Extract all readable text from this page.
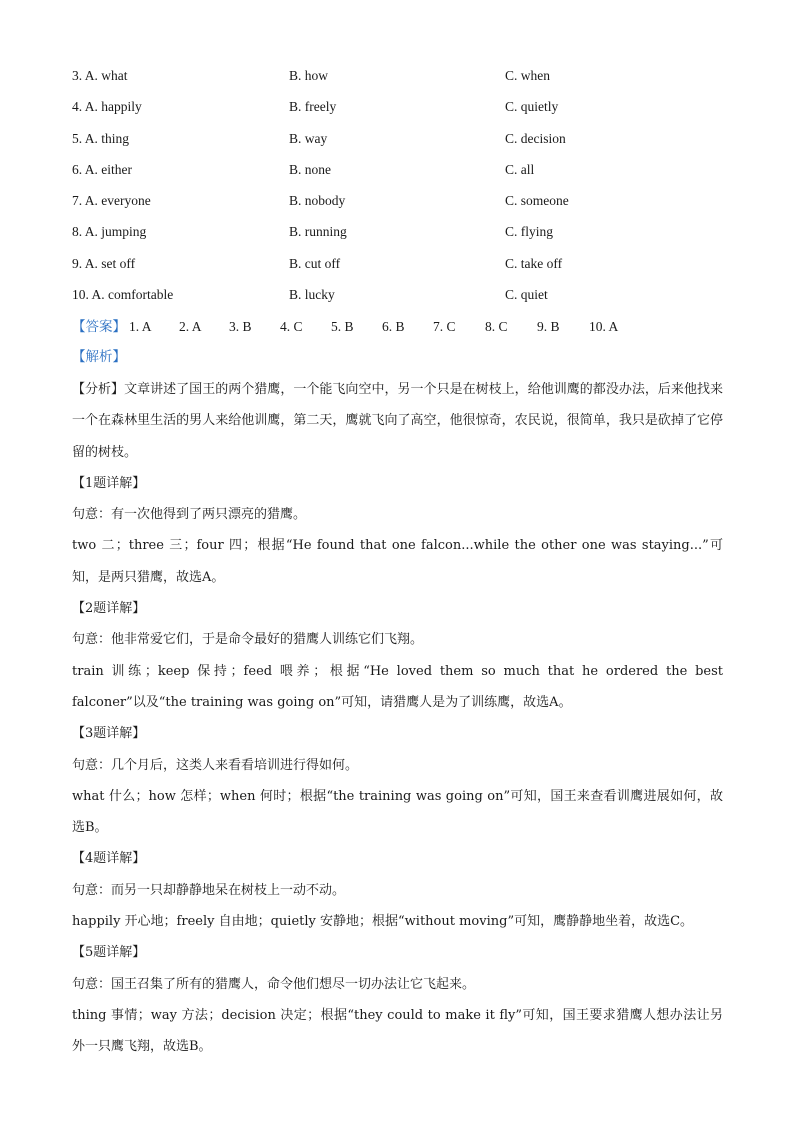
3. A. what	B. how	C. when
4. A. happily	B. freely	C. quietly
5. A. thing	B. way	C. decision
6. A. either	B. none	C. all
7. A. everyone	B. nobody	C. someone
8. A. jumping	B. running	C. flying
9. A. set off	B. cut off	C. take off
10. A. comfortable	B. lucky	C. quiet
【答案】 1. A 2. A 3. B 4. C 5. B 6. B 7. C 8. C 9. B 10. A
【解析】

【分析】文章讲述了国王的两个猎鹰，一个能飞向空中，另一个只是在树枝上，给他训鹰的都没办法，后来他找来一个在森林里生活的男人来给他训鹰，第二天，鹰就飞向了高空，他很惊奇，农民说，很简单，我只是砍掉了它停留的树枝。

【1题详解】

句意：有一次他得到了两只漂亮的猎鹰。

two 二；three 三；four 四；根据“He found that one falcon...while the other one was staying...”可知，是两只猎鹰，故选A。

【2题详解】

句意：他非常爱它们，于是命令最好的猎鹰人训练它们飞翔。

train 训练；keep 保持；feed 喂养；根据“He loved them so much that he ordered the best falconer”以及“the training was going on”可知，请猎鹰人是为了训练鹰，故选A。

【3题详解】

句意：几个月后，这类人来看看培训进行得如何。

what 什么；how 怎样；when 何时；根据“the training was going on”可知，国王来查看训鹰进展如何，故选B。

【4题详解】

句意：而另一只却静静地呆在树枝上一动不动。

happily 开心地；freely 自由地；quietly 安静地；根据“without moving”可知，鹰静静地坐着，故选C。

【5题详解】

句意：国王召集了所有的猎鹰人，命令他们想尽一切办法让它飞起来。

thing 事情；way 方法；decision 决定；根据“they could to make it fly”可知，国王要求猎鹰人想办法让另外一只鹰飞翔，故选B。
